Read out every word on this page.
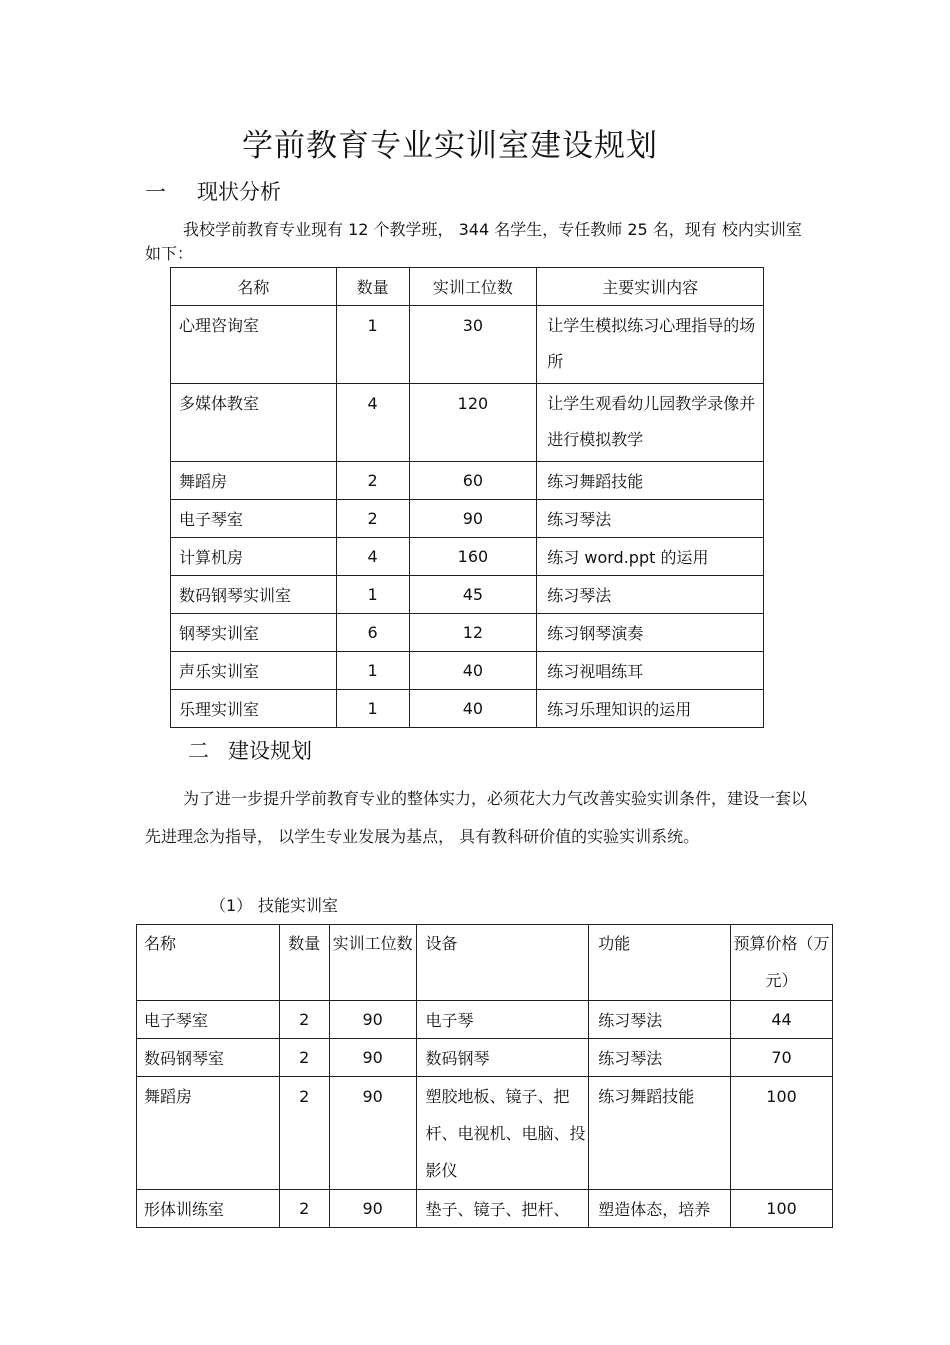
学前教育专业实训室建设规划
一 现状分析
我校学前教育专业现有 12 个教学班， 344 名学生，专任教师 25 名，现有 校内实训室如下：
名称	数量	实训工位数	主要实训内容
心理咨询室	1	30	让学生模拟练习心理指导的场所
多媒体教室	4	120	让学生观看幼儿园教学录像并进行模拟教学
舞蹈房	2	60	练习舞蹈技能
电子琴室	2	90	练习琴法
计算机房	4	160	练习 word.ppt 的运用
数码钢琴实训室	1	45	练习琴法
钢琴实训室	6	12	练习钢琴演奏
声乐实训室	1	40	练习视唱练耳
乐理实训室	1	40	练习乐理知识的运用
二 建设规划
为了进一步提升学前教育专业的整体实力，必须花大力气改善实验实训条件，建设一套以先进理念为指导， 以学生专业发展为基点， 具有教科研价值的实验实训系统。
（1） 技能实训室
名称	数量	实训工位数	设备	功能	预算价格（万元）
电子琴室	2	90	电子琴	练习琴法	44
数码钢琴室	2	90	数码钢琴	练习琴法	70
舞蹈房	2	90	塑胶地板、镜子、把杆、电视机、电脑、投影仪	练习舞蹈技能	100
形体训练室	2	90	垫子、镜子、把杆、	塑造体态，培养	100
